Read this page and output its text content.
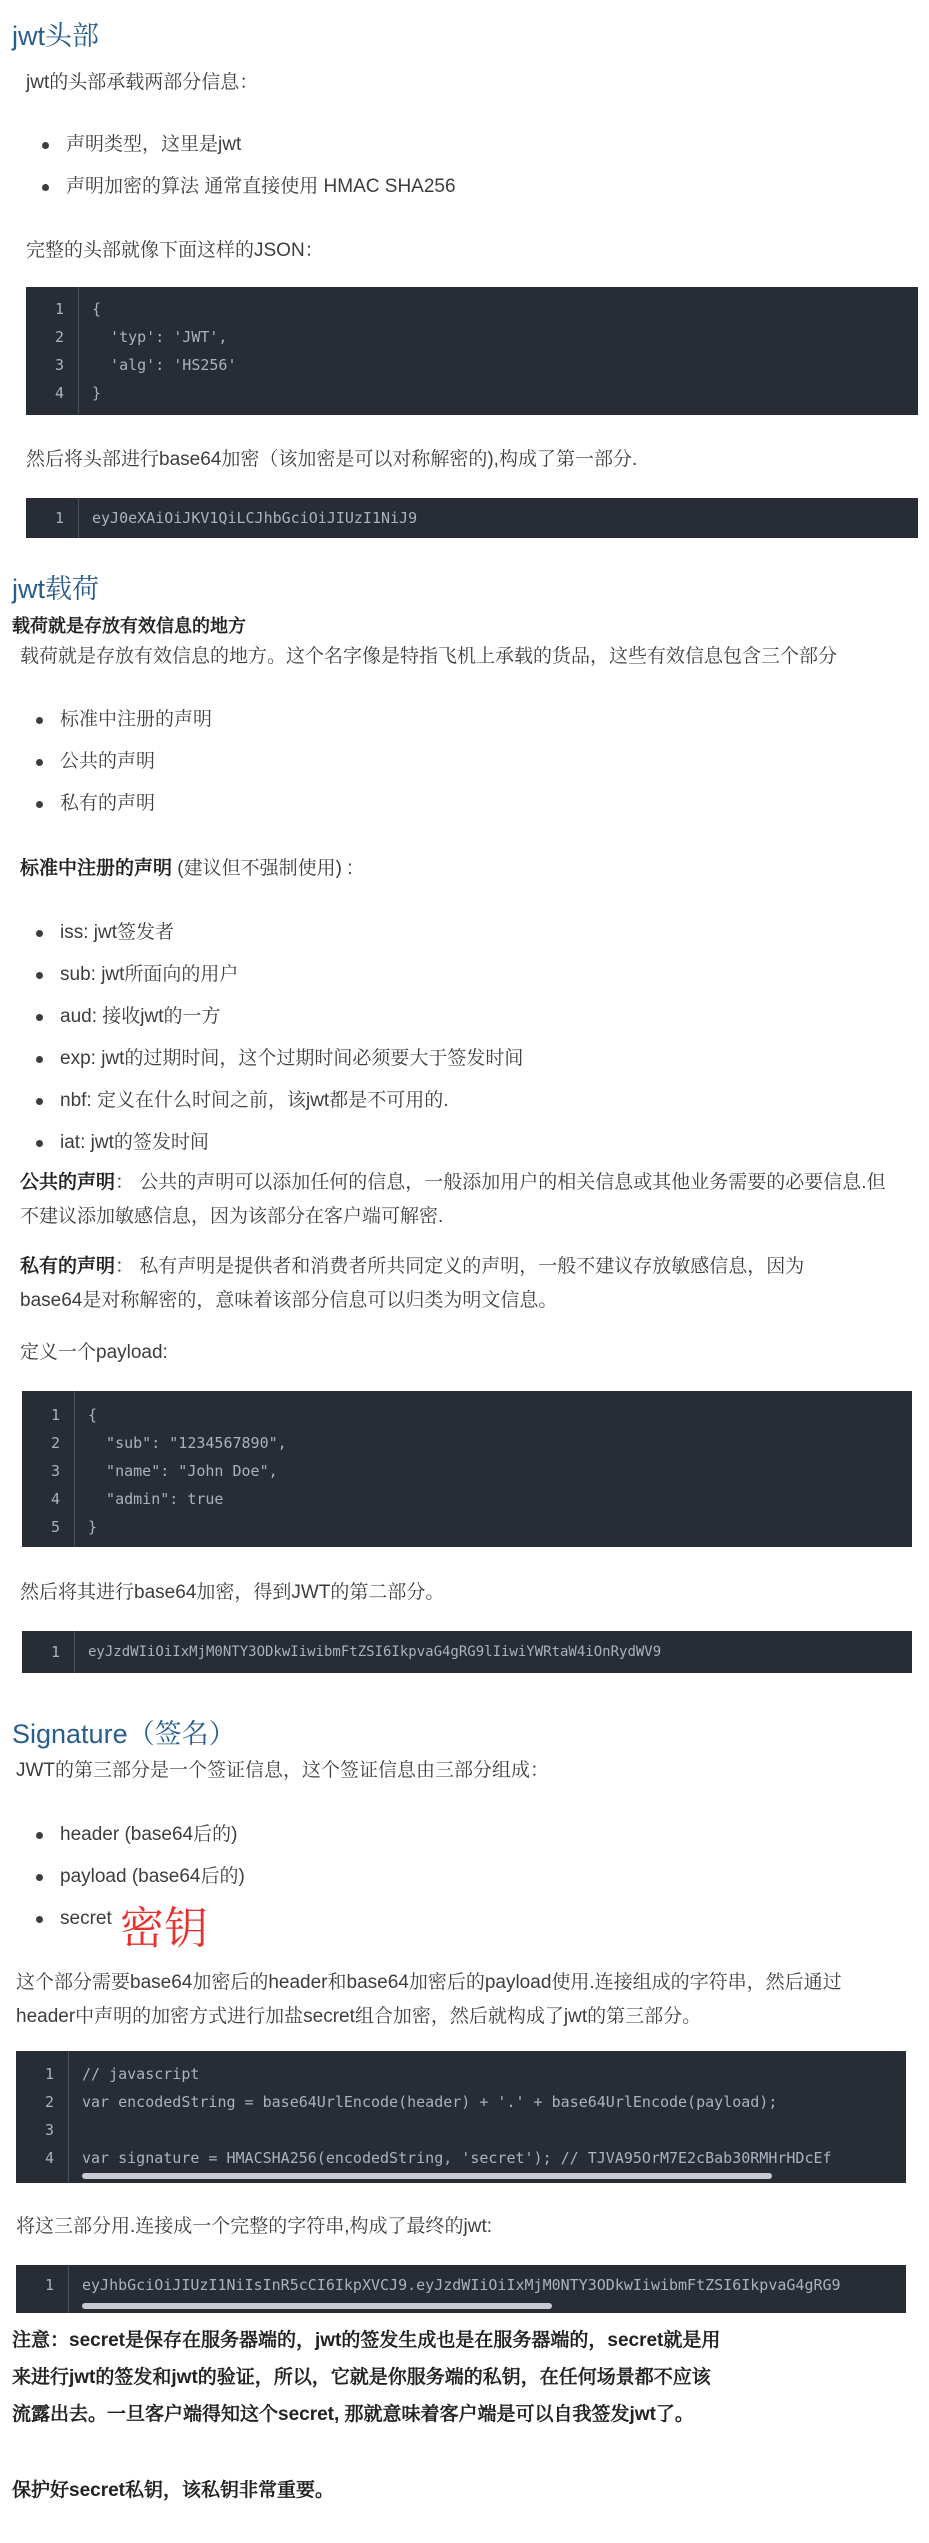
jwt头部
jwt的头部承载两部分信息：
声明类型，这里是jwt
声明加密的算法 通常直接使用 HMAC SHA256
完整的头部就像下面这样的JSON：
1 {
2 'typ': 'JWT',
3 'alg': 'HS256'
4 }
然后将头部进行base64加密（该加密是可以对称解密的),构成了第一部分.
1 eyJ0eXAiOiJKV1QiLCJhbGciOiJIUzI1NiJ9
jwt载荷
载荷就是存放有效信息的地方
载荷就是存放有效信息的地方。这个名字像是特指飞机上承载的货品，这些有效信息包含三个部分
标准中注册的声明
公共的声明
私有的声明
标准中注册的声明 (建议但不强制使用) :
iss: jwt签发者
sub: jwt所面向的用户
aud: 接收jwt的一方
exp: jwt的过期时间，这个过期时间必须要大于签发时间
nbf: 定义在什么时间之前，该jwt都是不可用的.
iat: jwt的签发时间
公共的声明： 公共的声明可以添加任何的信息，一般添加用户的相关信息或其他业务需要的必要信息.但不建议添加敏感信息，因为该部分在客户端可解密.
私有的声明： 私有声明是提供者和消费者所共同定义的声明，一般不建议存放敏感信息，因为base64是对称解密的，意味着该部分信息可以归类为明文信息。
定义一个payload:
1 {
2 "sub": "1234567890",
3 "name": "John Doe",
4 "admin": true
5 }
然后将其进行base64加密，得到JWT的第二部分。
1 eyJzdWIiOiIxMjM0NTY3ODkwIiwibmFtZSI6IkpvaG4gRG9lIiwiYWRtaW4iOnRydWV9
Signature（签名）
JWT的第三部分是一个签证信息，这个签证信息由三部分组成：
header (base64后的)
payload (base64后的)
secret 密钥
这个部分需要base64加密后的header和base64加密后的payload使用.连接组成的字符串，然后通过header中声明的加密方式进行加盐secret组合加密，然后就构成了jwt的第三部分。
1 // javascript
2 var encodedString = base64UrlEncode(header) + '.' + base64UrlEncode(payload);
3
4 var signature = HMACSHA256(encodedString, 'secret'); // TJVA95OrM7E2cBab30RMHrHDcEf
将这三部分用.连接成一个完整的字符串,构成了最终的jwt:
1 eyJhbGciOiJIUzI1NiIsInR5cCI6IkpXVCJ9.eyJzdWIiOiIxMjM0NTY3ODkwIiwibmFtZSI6IkpvaG4gRG9
注意：secret是保存在服务器端的，jwt的签发生成也是在服务器端的，secret就是用来进行jwt的签发和jwt的验证，所以，它就是你服务端的私钥，在任何场景都不应该流露出去。一旦客户端得知这个secret, 那就意味着客户端是可以自我签发jwt了。
保护好secret私钥，该私钥非常重要。
